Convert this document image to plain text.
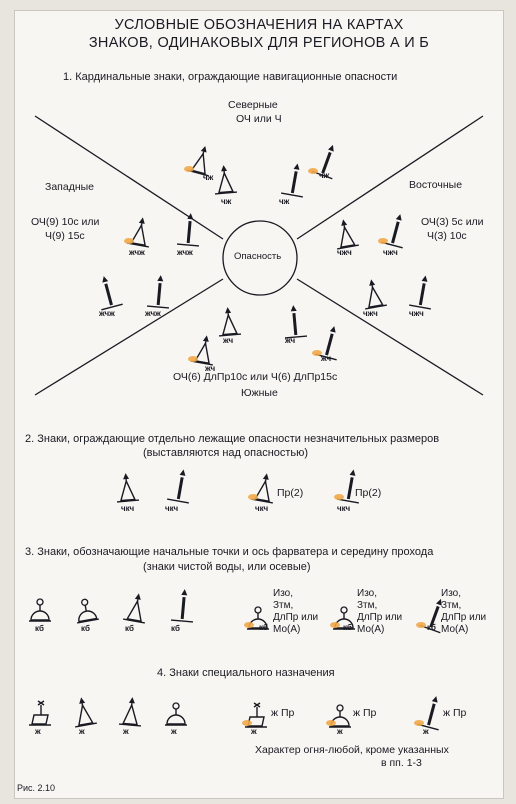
УСЛОВНЫЕ ОБОЗНАЧЕНИЯ НА КАРТАХ
ЗНАКОВ, ОДИНАКОВЫХ ДЛЯ РЕГИОНОВ А И Б
1. Кардинальные знаки, ограждающие навигационные опасности
Северные
ОЧ или Ч
Западные
ОЧ(9) 10с или
Ч(9) 15с
Восточные
ОЧ(3) 5с или
Ч(3) 10с
Опасность
ОЧ(6) ДлПр10с или Ч(6) ДлПр15с
Южные
чж
чж	чж
чж
жчж	жчж
жчж	жчж
чжч	чжч
чжч	чжч
жч
жч	жч
жч
чкч	чкч	чкч	чкч
кб	кб	кб	кб	кб	кб	кб
ж	ж	ж	ж	ж	ж	ж
2. Знаки, ограждающие отдельно лежащие опасности незначительных размеров
(выставляются над опасностью)
Пр(2)	Пр(2)
3. Знаки, обозначающие начальные точки и ось фарватера и середину прохода
(знаки чистой воды, или осевые)
Изо,
Зтм,
ДлПр или
Мо(А)
Изо,
Зтм,
ДлПр или
Мо(А)
Изо,
Зтм,
ДлПр или
Мо(А)
4. Знаки специального назначения
ж Пр	ж Пр	ж Пр
Характер огня-любой, кроме указанных
в пп. 1-3
Рис. 2.10
